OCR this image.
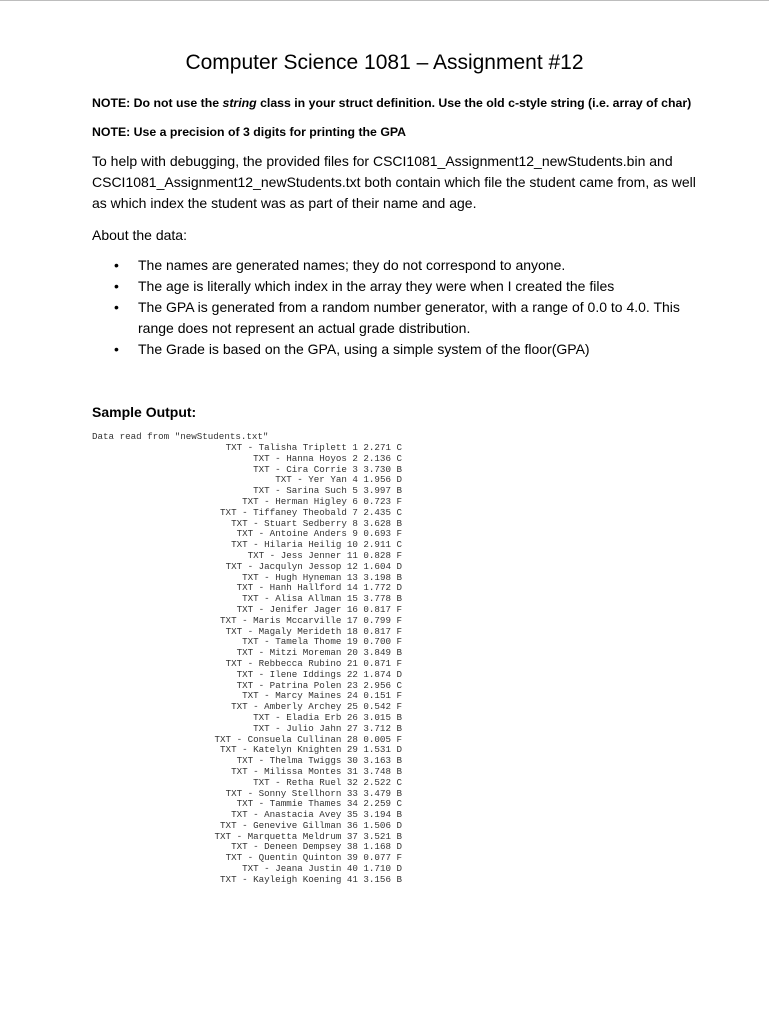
Computer Science 1081 – Assignment #12
NOTE: Do not use the string class in your struct definition. Use the old c-style string (i.e. array of char)
NOTE: Use a precision of 3 digits for printing the GPA
To help with debugging, the provided files for CSCI1081_Assignment12_newStudents.bin and CSCI1081_Assignment12_newStudents.txt both contain which file the student came from, as well as which index the student was as part of their name and age.
About the data:
• The names are generated names; they do not correspond to anyone.
• The age is literally which index in the array they were when I created the files
• The GPA is generated from a random number generator, with a range of 0.0 to 4.0. This range does not represent an actual grade distribution.
• The Grade is based on the GPA, using a simple system of the floor(GPA)
Sample Output:
Data read from "newStudents.txt"
TXT - Talisha Triplett 1 2.271 C
TXT - Hanna Hoyos 2 2.136 C
TXT - Cira Corrie 3 3.730 B
TXT - Yer Yan 4 1.956 D
TXT - Sarina Such 5 3.997 B
TXT - Herman Higley 6 0.723 F
TXT - Tiffaney Theobald 7 2.435 C
TXT - Stuart Sedberry 8 3.628 B
TXT - Antoine Anders 9 0.693 F
TXT - Hilaria Heilig 10 2.911 C
TXT - Jess Jenner 11 0.828 F
TXT - Jacqulyn Jessop 12 1.604 D
TXT - Hugh Hyneman 13 3.198 B
TXT - Hanh Hallford 14 1.772 D
TXT - Alisa Allman 15 3.778 B
TXT - Jenifer Jager 16 0.817 F
TXT - Maris Mccarville 17 0.799 F
TXT - Magaly Merideth 18 0.817 F
TXT - Tamela Thome 19 0.700 F
TXT - Mitzi Moreman 20 3.849 B
TXT - Rebbecca Rubino 21 0.871 F
TXT - Ilene Iddings 22 1.874 D
TXT - Patrina Polen 23 2.956 C
TXT - Marcy Maines 24 0.151 F
TXT - Amberly Archey 25 0.542 F
TXT - Eladia Erb 26 3.015 B
TXT - Julio Jahn 27 3.712 B
TXT - Consuela Cullinan 28 0.005 F
TXT - Katelyn Knighten 29 1.531 D
TXT - Thelma Twiggs 30 3.163 B
TXT - Milissa Montes 31 3.748 B
TXT - Retha Ruel 32 2.522 C
TXT - Sonny Stellhorn 33 3.479 B
TXT - Tammie Thames 34 2.259 C
TXT - Anastacia Avey 35 3.194 B
TXT - Genevive Gillman 36 1.506 D
TXT - Marquetta Meldrum 37 3.521 B
TXT - Deneen Dempsey 38 1.168 D
TXT - Quentin Quinton 39 0.077 F
TXT - Jeana Justin 40 1.710 D
TXT - Kayleigh Koening 41 3.156 B
